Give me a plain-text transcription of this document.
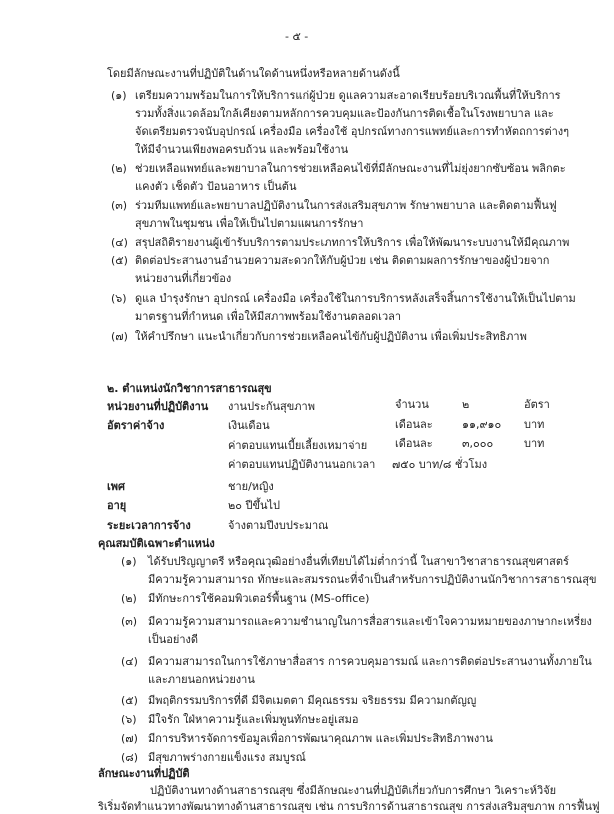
- ๕ -
โดยมีลักษณะงานที่ปฏิบัติในด้านใดด้านหนึ่งหรือหลายด้านดังนี้
(๑) เตรียมความพร้อมในการให้บริการแก่ผู้ป่วย ดูแลความสะอาดเรียบร้อยบริเวณพื้นที่ให้บริการ
รวมทั้งสิ่งแวดล้อมใกล้เคียงตามหลักการควบคุมและป้องกันการติดเชื้อในโรงพยาบาล และ
จัดเตรียมตรวจนับอุปกรณ์ เครื่องมือ เครื่องใช้ อุปกรณ์ทางการแพทย์และการทำหัตถการต่างๆ
ให้มีจำนวนเพียงพอครบถ้วน และพร้อมใช้งาน
(๒) ช่วยเหลือแพทย์และพยาบาลในการช่วยเหลือคนไข้ที่มีลักษณะงานที่ไม่ยุ่งยากซับซ้อน พลิกตะ
แคงตัว เช็ดตัว ป้อนอาหาร เป็นต้น
(๓) ร่วมทีมแพทย์และพยาบาลปฏิบัติงานในการส่งเสริมสุขภาพ รักษาพยาบาล และติดตามฟื้นฟู
สุขภาพในชุมชน เพื่อให้เป็นไปตามแผนการรักษา
(๔) สรุปสถิติรายงานผู้เข้ารับบริการตามประเภทการให้บริการ เพื่อให้พัฒนาระบบงานให้มีคุณภาพ
(๕) ติดต่อประสานงานอำนวยความสะดวกให้กับผู้ป่วย เช่น ติดตามผลการรักษาของผู้ป่วยจาก
หน่วยงานที่เกี่ยวข้อง
(๖) ดูแล บำรุงรักษา อุปกรณ์ เครื่องมือ เครื่องใช้ในการบริการหลังเสร็จสิ้นการใช้งานให้เป็นไปตาม
มาตรฐานที่กำหนด เพื่อให้มีสภาพพร้อมใช้งานตลอดเวลา
(๗) ให้คำปรึกษา แนะนำเกี่ยวกับการช่วยเหลือคนไข้กับผู้ปฏิบัติงาน เพื่อเพิ่มประสิทธิภาพ
๒. ตำแหน่งนักวิชาการสาธารณสุข
หน่วยงานที่ปฏิบัติงาน งานประกันสุขภาพ	จำนวน	๒	อัตรา
อัตราค่าจ้าง	เงินเดือน	เดือนละ	๑๑,๙๑๐ บาท
ค่าตอบแทนเบี้ยเลี้ยงเหมาจ่าย	เดือนละ	๓,๐๐๐	บาท
ค่าตอบแทนปฏิบัติงานนอกเวลา ๗๕๐ บาท/๘ ชั่วโมง
เพศ	ชาย/หญิง
อายุ	๒๐ ปีขึ้นไป
ระยะเวลาการจ้าง	จ้างตามปีงบประมาณ
คุณสมบัติเฉพาะตำแหน่ง
(๑) ได้รับปริญญาตรี หรือคุณวุฒิอย่างอื่นที่เทียบได้ไม่ต่ำกว่านี้ ในสาขาวิชาสาธารณสุขศาสตร์
มีความรู้ความสามารถ ทักษะและสมรรถนะที่จำเป็นสำหรับการปฏิบัติงานนักวิชาการสาธารณสุข
(๒) มีทักษะการใช้คอมพิวเตอร์พื้นฐาน (MS-office)
(๓) มีความรู้ความสามารถและความชำนาญในการสื่อสารและเข้าใจความหมายของภาษากะเหรี่ยง
เป็นอย่างดี
(๔) มีความสามารถในการใช้ภาษาสื่อสาร การควบคุมอารมณ์ และการติดต่อประสานงานทั้งภายใน
และภายนอกหน่วยงาน
(๕) มีพฤติกรรมบริการที่ดี มีจิตเมตตา มีคุณธรรม จริยธรรม มีความกตัญญู
(๖) มีใจรัก ใฝ่หาความรู้และเพิ่มพูนทักษะอยู่เสมอ
(๗) มีการบริหารจัดการข้อมูลเพื่อการพัฒนาคุณภาพ และเพิ่มประสิทธิภาพงาน
(๘) มีสุขภาพร่างกายแข็งแรง สมบูรณ์
ลักษณะงานที่ปฏิบัติ
ปฏิบัติงานทางด้านสาธารณสุข ซึ่งมีลักษณะงานที่ปฏิบัติเกี่ยวกับการศึกษา วิเคราะห์วิจัย
ริเริ่มจัดทำแนวทางพัฒนาทางด้านสาธารณสุข เช่น การบริการด้านสาธารณสุข การส่งเสริมสุขภาพ การฟื้นฟู
